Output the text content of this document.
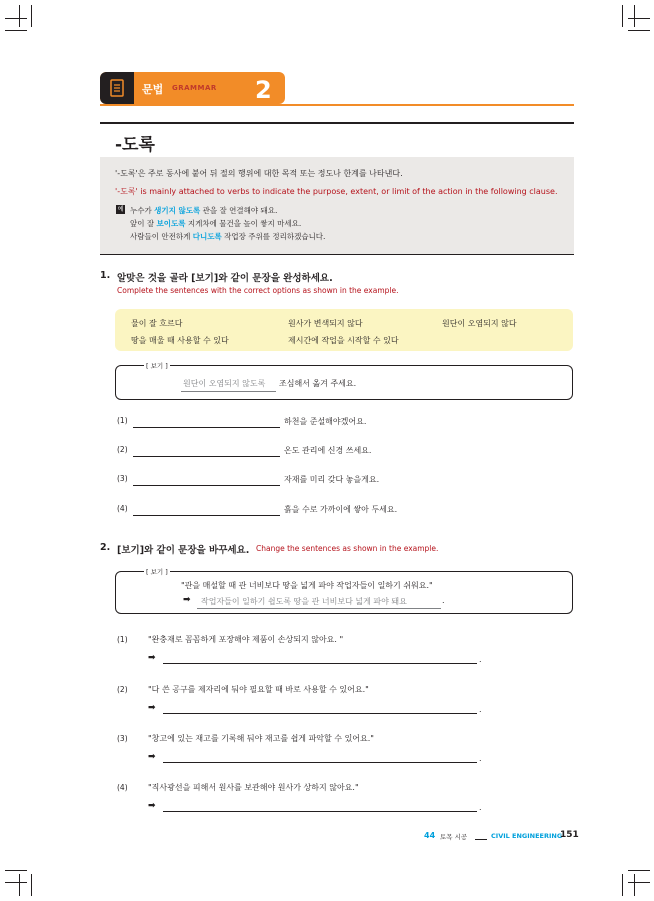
문법 GRAMMAR 2
-도록
'-도록'은 주로 동사에 붙어 뒤 절의 행위에 대한 목적 또는 정도나 한계를 나타낸다.
'-도록' is mainly attached to verbs to indicate the purpose, extent, or limit of the action in the following clause.
예 누수가 생기지 않도록 관을 잘 연결해야 돼요.
앞이 잘 보이도록 지게차에 물건을 높이 쌓지 마세요.
사람들이 안전하게 다니도록 작업장 주위를 정리하겠습니다.
1. 알맞은 것을 골라 [보기]와 같이 문장을 완성하세요.
Complete the sentences with the correct options as shown in the example.
물이 잘 흐르다	원사가 변색되지 않다	원단이 오염되지 않다
땅을 매울 때 사용할 수 있다	제시간에 작업을 시작할 수 있다
[ 보기 ]
원단이 오염되지 않도록 조심해서 옮겨 주세요.
(1)	하천을 준설해야겠어요.
(2)	온도 관리에 신경 쓰세요.
(3)	자재를 미리 갖다 놓을게요.
(4)	흙을 수로 가까이에 쌓아 두세요.
2. [보기]와 같이 문장을 바꾸세요. Change the sentences as shown in the example.
[ 보기 ]
"관을 매설할 때 관 너비보다 땅을 넓게 파야 작업자들이 일하기 쉬워요."
➡ 작업자들이 일하기 쉽도록 땅을 관 너비보다 넓게 파야 돼요	.
(1)	"완충재로 꼼꼼하게 포장해야 제품이 손상되지 않아요. "
➡	.
(2)	"다 쓴 공구를 제자리에 둬야 필요할 때 바로 사용할 수 있어요."
➡	.
(3)	"창고에 있는 재고를 기록해 둬야 재고를 쉽게 파악할 수 있어요."
➡	.
(4)	"직사광선을 피해서 원사를 보관해야 원사가 상하지 않아요."
➡	.
44 토목 시공	CIVIL ENGINEERING
151
